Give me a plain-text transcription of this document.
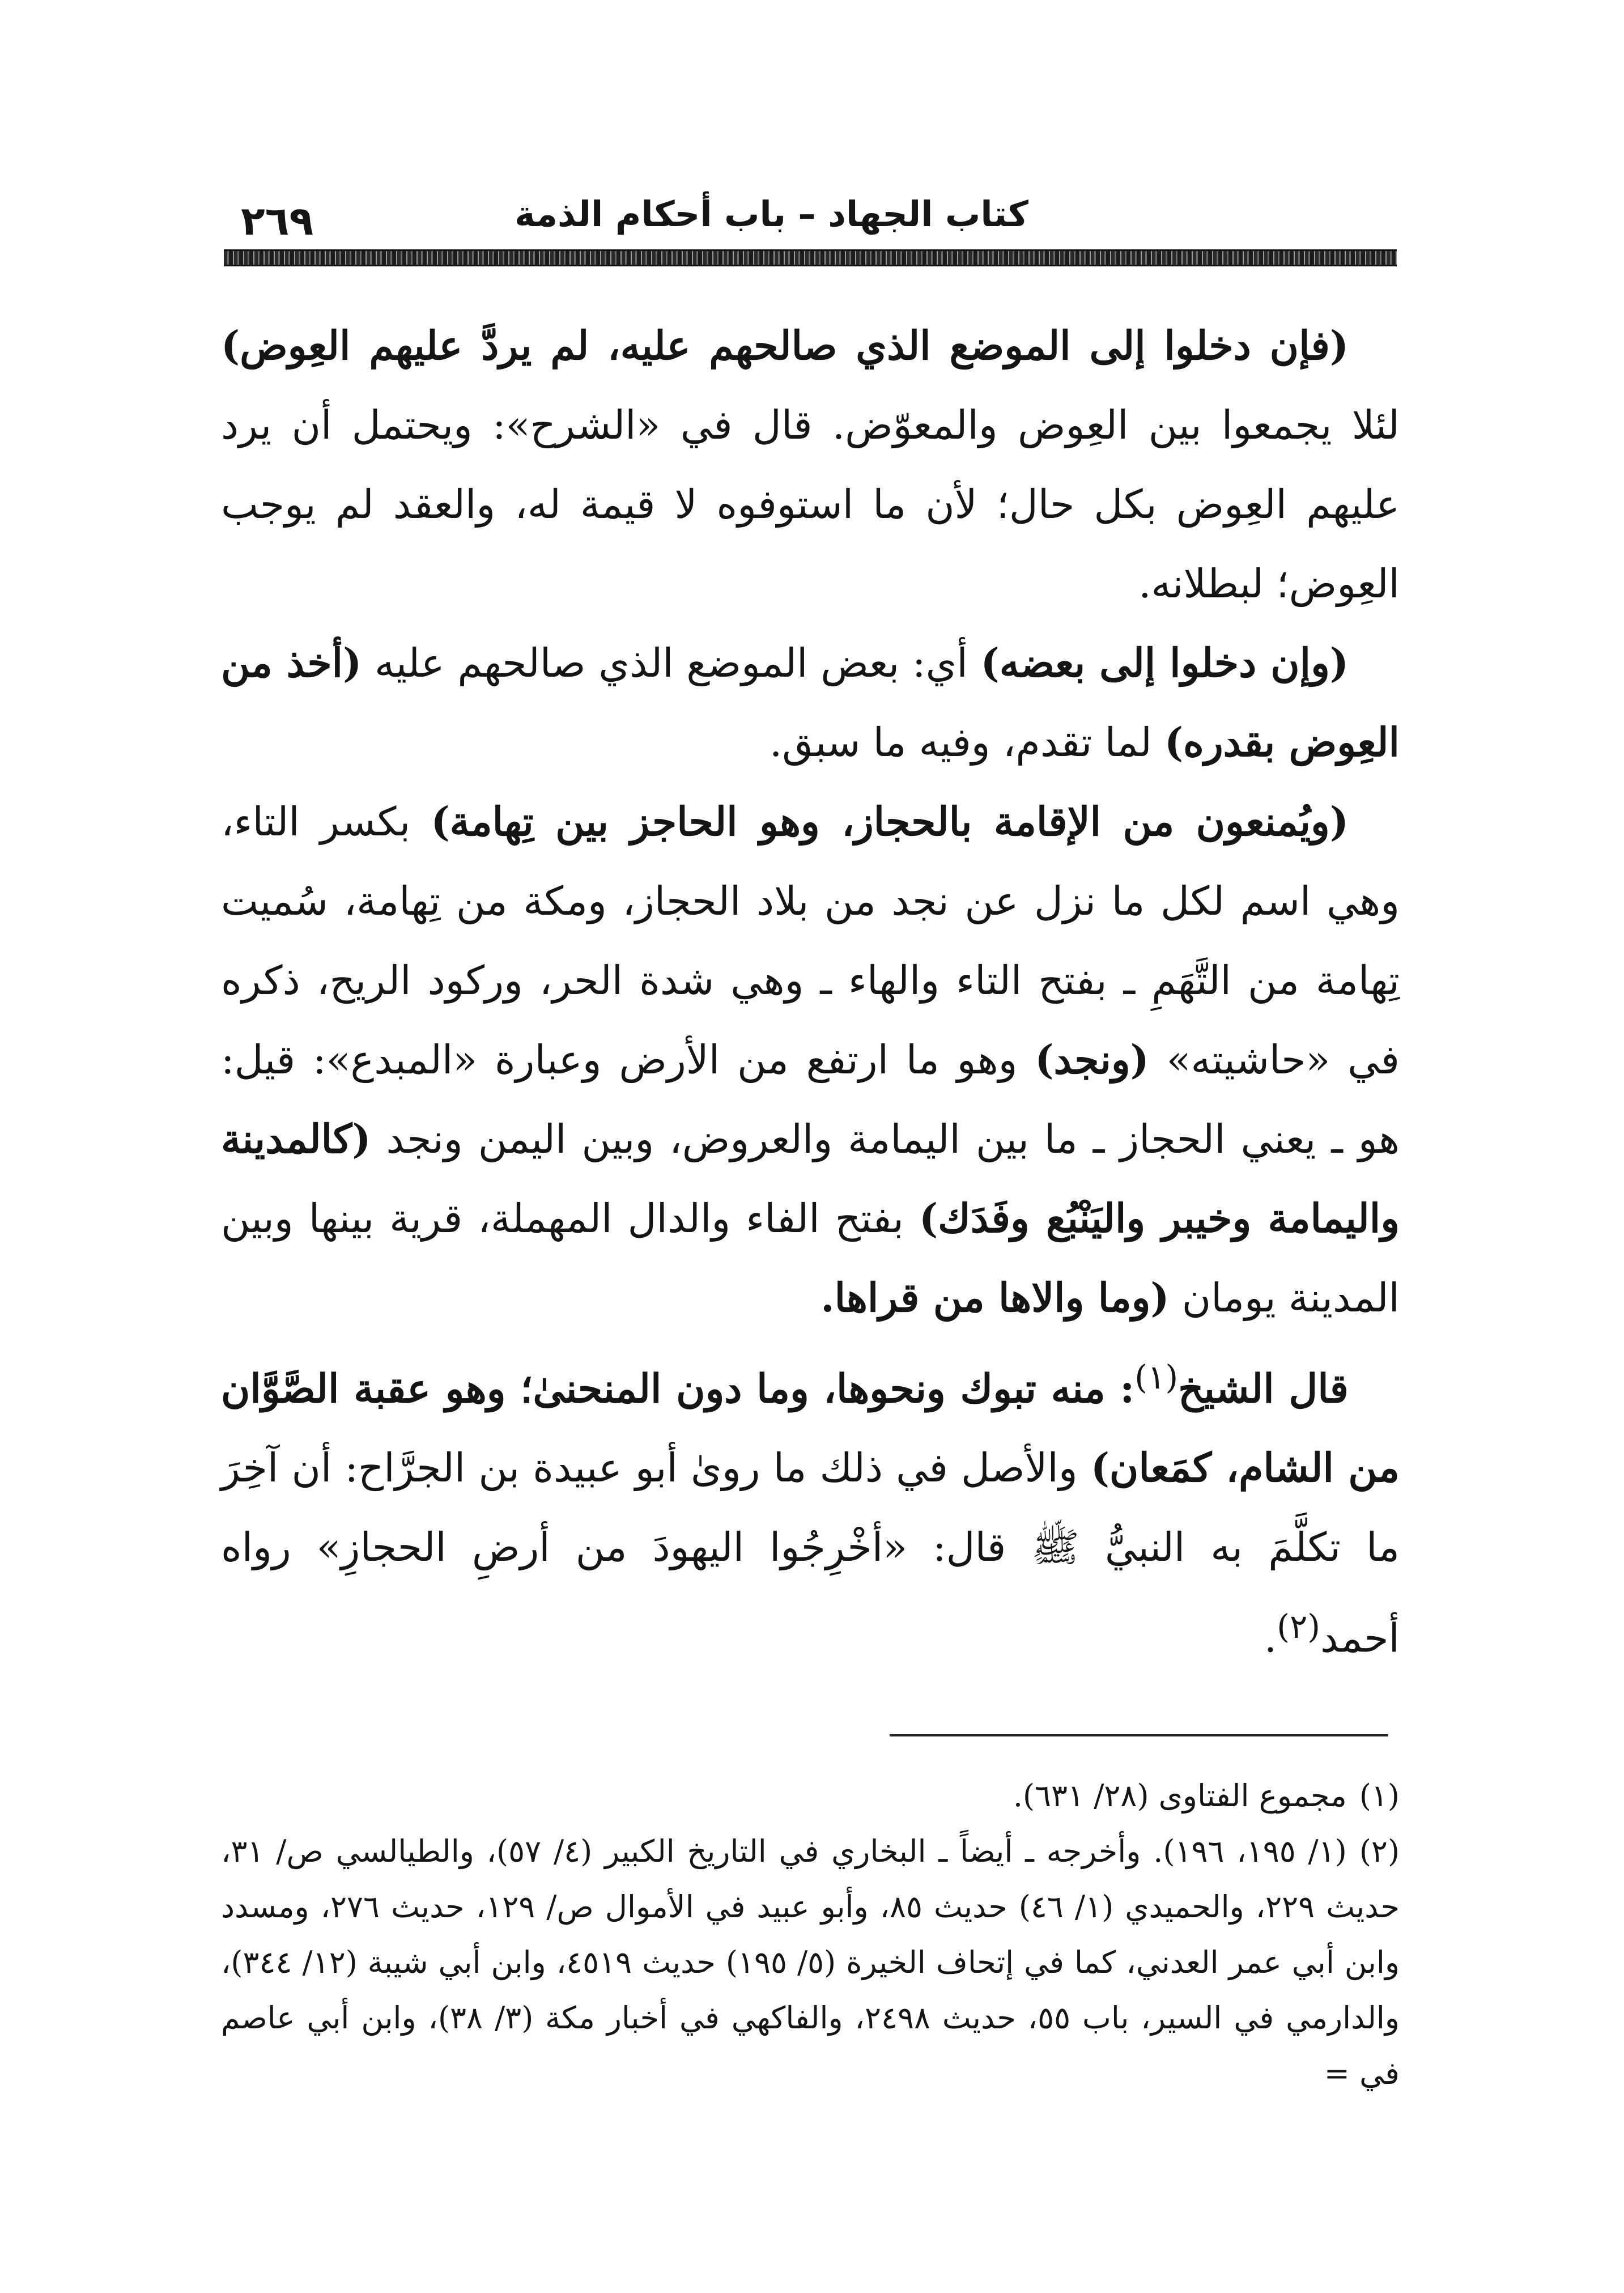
كتاب الجهاد – باب أحكام الذمة
٢٦٩

(فإن دخلوا إلى الموضع الذي صالحهم عليه، لم يردَّ عليهم العِوض) لئلا يجمعوا بين العِوض والمعوّض. قال في «الشرح»: ويحتمل أن يرد عليهم العِوض بكل حال؛ لأن ما استوفوه لا قيمة له، والعقد لم يوجب العِوض؛ لبطلانه.

(وإن دخلوا إلى بعضه) أي: بعض الموضع الذي صالحهم عليه (أخذ من العِوض بقدره) لما تقدم، وفيه ما سبق.

(ويُمنعون من الإقامة بالحجاز، وهو الحاجز بين تِهامة) بكسر التاء، وهي اسم لكل ما نزل عن نجد من بلاد الحجاز، ومكة من تِهامة، سُميت تِهامة من التَّهَمِ ـ بفتح التاء والهاء ـ وهي شدة الحر، وركود الريح، ذكره في «حاشيته» (ونجد) وهو ما ارتفع من الأرض وعبارة «المبدع»: قيل: هو ـ يعني الحجاز ـ ما بين اليمامة والعروض، وبين اليمن ونجد (كالمدينة واليمامة وخيبر واليَنْبُع وفَدَك) بفتح الفاء والدال المهملة، قرية بينها وبين المدينة يومان (وما والاها من قراها.

قال الشيخ$^{(١)}$: منه تبوك ونحوها، وما دون المنحنىٰ؛ وهو عقبة الصَّوَّان من الشام، كمَعان) والأصل في ذلك ما روىٰ أبو عبيدة بن الجرَّاح: أن آخِرَ ما تكلَّمَ به النبيُّ ﷺ قال: «أخْرِجُوا اليهودَ من أرضِ الحجازِ» رواه أحمد$^{(٢)}$.

(١)مجموع الفتاوى (٢٨/ ٦٣١).

(٢)(١/ ١٩٥، ١٩٦). وأخرجه ـ أيضاً ـ البخاري في التاريخ الكبير (٤/ ٥٧)، والطيالسي ص/ ٣١، حديث ٢٢٩، والحميدي (١/ ٤٦) حديث ٨٥، وأبو عبيد في الأموال ص/ ١٢٩، حديث ٢٧٦، ومسدد وابن أبي عمر العدني، كما في إتحاف الخيرة (٥/ ١٩٥) حديث ٤٥١٩، وابن أبي شيبة (١٢/ ٣٤٤)، والدارمي في السير، باب ٥٥، حديث ٢٤٩٨، والفاكهي في أخبار مكة (٣/ ٣٨)، وابن أبي عاصم في =
